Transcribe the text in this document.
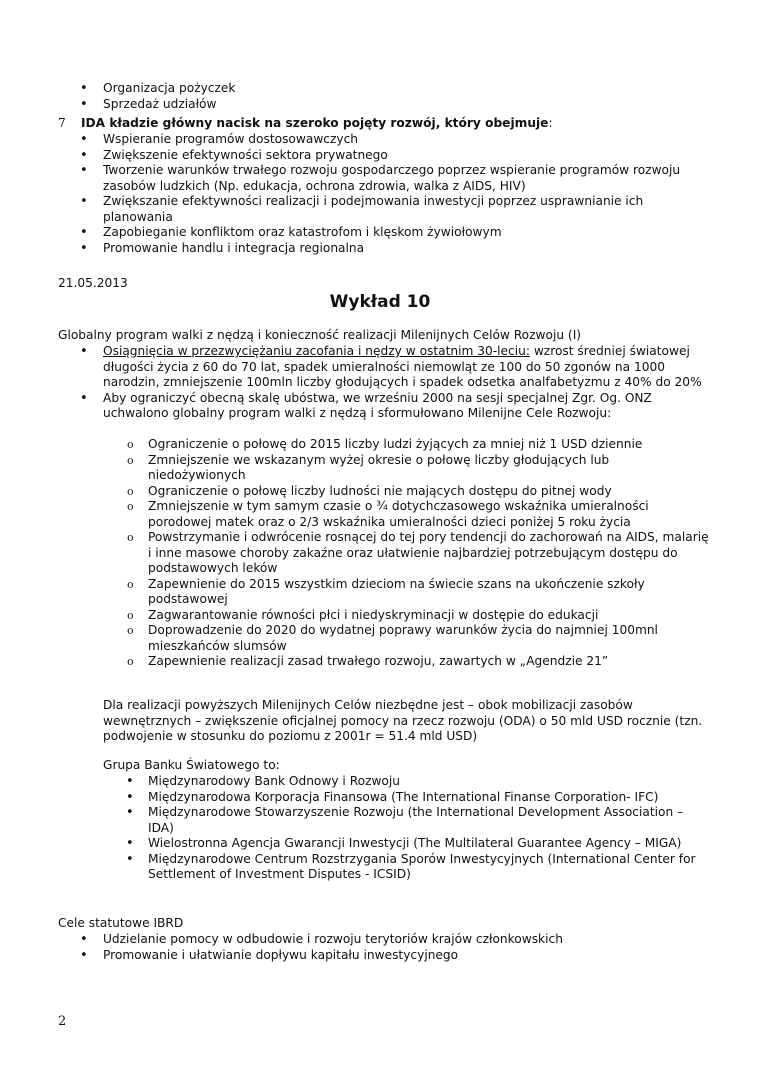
• Organizacja pożyczek
• Sprzedaż udziałów
7 IDA kładzie główny nacisk na szeroko pojęty rozwój, który obejmuje:
• Wspieranie programów dostosowawczych
• Zwiększenie efektywności sektora prywatnego
• Tworzenie warunków trwałego rozwoju gospodarczego poprzez wspieranie programów rozwoju zasobów ludzkich (Np. edukacja, ochrona zdrowia, walka z AIDS, HIV)
• Zwiększanie efektywności realizacji i podejmowania inwestycji poprzez usprawnianie ich planowania
• Zapobieganie konfliktom oraz katastrofom i klęskom żywiołowym
• Promowanie handlu i integracja regionalna
21.05.2013
Wykład 10
Globalny program walki z nędzą i konieczność realizacji Milenijnych Celów Rozwoju (I)
• Osiągnięcia w przezwyciężaniu zacofania i nędzy w ostatnim 30-leciu: wzrost średniej światowej długości życia z 60 do 70 lat, spadek umieralności niemowląt ze 100 do 50 zgonów na 1000 narodzin, zmniejszenie 100mln liczby głodujących i spadek odsetka analfabetyzmu z 40% do 20%
• Aby ograniczyć obecną skalę ubóstwa, we wrześniu 2000 na sesji specjalnej Zgr. Og. ONZ uchwalono globalny program walki z nędzą i sformułowano Milenijne Cele Rozwoju:
o Ograniczenie o połowę do 2015 liczby ludzi żyjących za mniej niż 1 USD dziennie
o Zmniejszenie we wskazanym wyżej okresie o połowę liczby głodujących lub niedożywionych
o Ograniczenie o połowę liczby ludności nie mających dostępu do pitnej wody
o Zmniejszenie w tym samym czasie o ¾ dotychczasowego wskaźnika umieralności porodowej matek oraz o 2/3 wskaźnika umieralności dzieci poniżej 5 roku życia
o Powstrzymanie i odwrócenie rosnącej do tej pory tendencji do zachorowań na AIDS, malarię i inne masowe choroby zakaźne oraz ułatwienie najbardziej potrzebującym dostępu do podstawowych leków
o Zapewnienie do 2015 wszystkim dzieciom na świecie szans na ukończenie szkoły podstawowej
o Zagwarantowanie równości płci i niedyskryminacji w dostępie do edukacji
o Doprowadzenie do 2020 do wydatnej poprawy warunków życia do najmniej 100mnl mieszkańców slumsów
o Zapewnienie realizacji zasad trwałego rozwoju, zawartych w „Agendzie 21”
Dla realizacji powyższych Milenijnych Celów niezbędne jest – obok mobilizacji zasobów wewnętrznych – zwiększenie oficjalnej pomocy na rzecz rozwoju (ODA) o 50 mld USD rocznie (tzn. podwojenie w stosunku do poziomu z 2001r = 51.4 mld USD)
Grupa Banku Światowego to:
• Międzynarodowy Bank Odnowy i Rozwoju
• Międzynarodowa Korporacja Finansowa (The International Finanse Corporation- IFC)
• Międzynarodowe Stowarzyszenie Rozwoju (the International Development Association – IDA)
• Wielostronna Agencja Gwarancji Inwestycji (The Multilateral Guarantee Agency – MIGA)
• Międzynarodowe Centrum Rozstrzygania Sporów Inwestycyjnych (International Center for Settlement of Investment Disputes - ICSID)
Cele statutowe IBRD
• Udzielanie pomocy w odbudowie i rozwoju terytoriów krajów członkowskich
• Promowanie i ułatwianie dopływu kapitału inwestycyjnego
2
